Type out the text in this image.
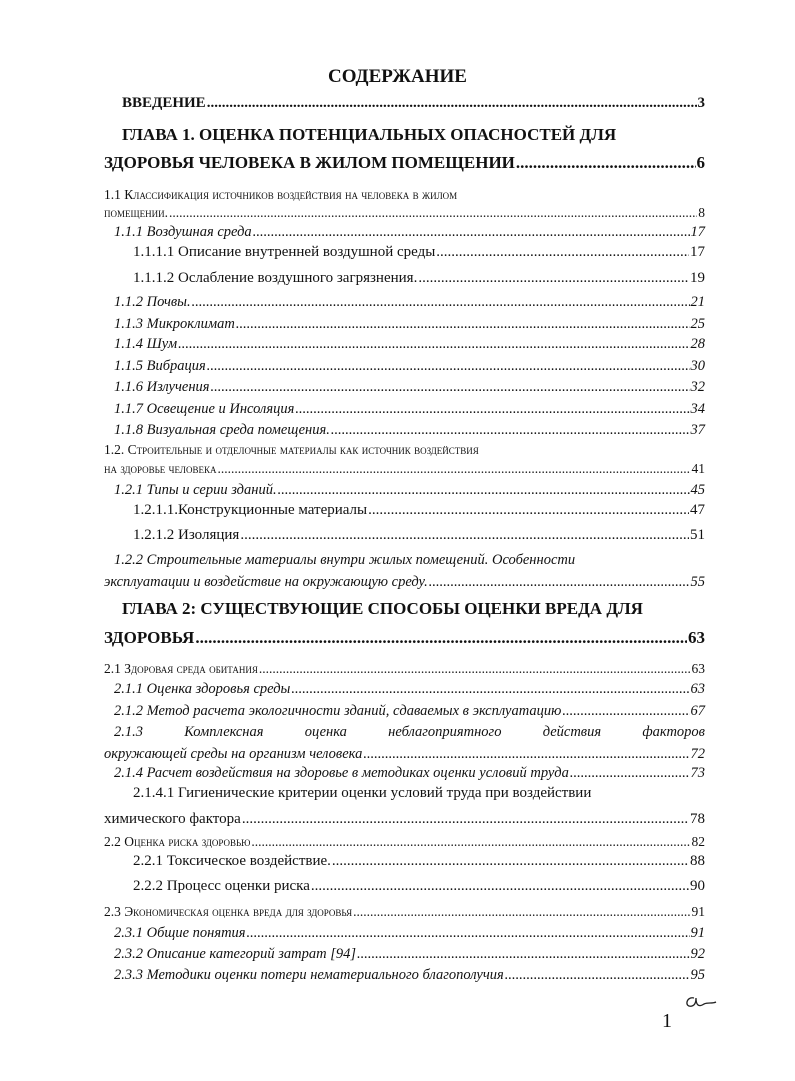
СОДЕРЖАНИЕ
ВВЕДЕНИЕ .....	3
ГЛАВА 1. ОЦЕНКА ПОТЕНЦИАЛЬНЫХ ОПАСНОСТЕЙ ДЛЯ
ЗДОРОВЬЯ ЧЕЛОВЕКА В ЖИЛОМ ПОМЕЩЕНИИ .....	6
1.1 Классификация источников воздействия на человека в жилом
помещении. .....	8
1.1.1 Воздушная среда .....	17
1.1.1.1 Описание внутренней воздушной среды .....	17
1.1.1.2 Ослабление воздушного загрязнения. .....	19
1.1.2 Почвы. .....	21
1.1.3 Микроклимат .....	25
1.1.4 Шум .....	28
1.1.5 Вибрация .....	30
1.1.6 Излучения .....	32
1.1.7 Освещение и Инсоляция .....	34
1.1.8 Визуальная среда помещения. .....	37
1.2. Строительные и отделочные материалы как источник воздействия
на здоровье человека .....	41
1.2.1 Типы и серии зданий. .....	45
1.2.1.1.Конструкционные материалы .....	47
1.2.1.2 Изоляция .....	51
1.2.2 Строительные материалы внутри жилых помещений. Особенности
эксплуатации и воздействие на окружающую среду. .....	55
ГЛАВА 2: СУЩЕСТВУЮЩИЕ СПОСОБЫ ОЦЕНКИ ВРЕДА ДЛЯ
ЗДОРОВЬЯ .....	63
2.1 Здоровая среда обитания .....	63
2.1.1 Оценка здоровья среды .....	63
2.1.2 Метод расчета экологичности зданий, сдаваемых в эксплуатацию .....	67
2.1.3	Комплексная	оценка	неблагоприятного	действия	факторов
окружающей среды на организм человека .....	72
2.1.4 Расчет воздействия на здоровье в методиках оценки условий труда .....	73
2.1.4.1 Гигиенические критерии оценки условий труда при воздействии
химического фактора .....	78
2.2 Оценка риска здоровью .....	82
2.2.1 Токсическое воздействие. .....	88
2.2.2 Процесс оценки риска .....	90
2.3 Экономическая оценка вреда для здоровья .....	91
2.3.1 Общие понятия .....	91
2.3.2 Описание категорий затрат [94] .....	92
2.3.3 Методики оценки потери нематериального благополучия .....	95
1
